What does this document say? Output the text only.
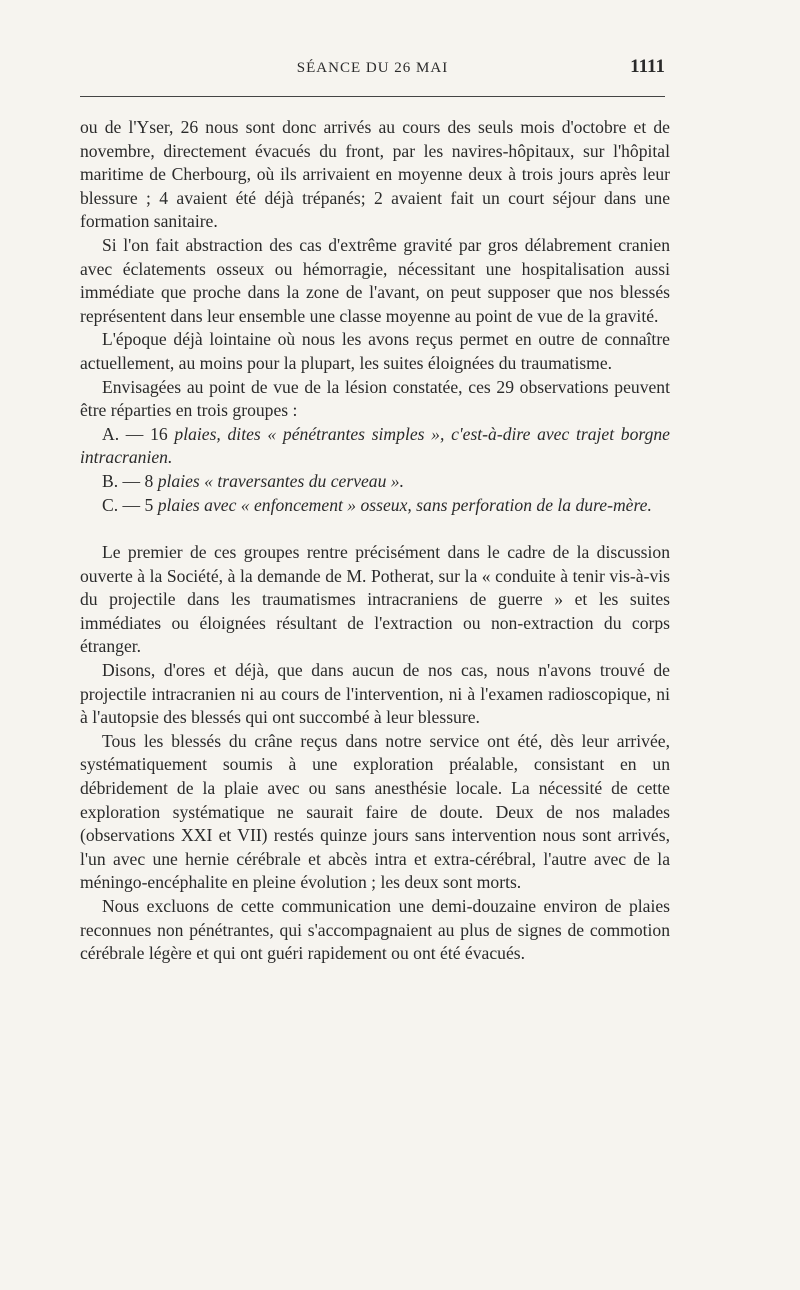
SÉANCE DU 26 MAI	1111

ou de l'Yser, 26 nous sont donc arrivés au cours des seuls mois d'octobre et de novembre, directement évacués du front, par les navires-hôpitaux, sur l'hôpital maritime de Cherbourg, où ils arrivaient en moyenne deux à trois jours après leur blessure ; 4 avaient été déjà trépanés; 2 avaient fait un court séjour dans une formation sanitaire.

Si l'on fait abstraction des cas d'extrême gravité par gros délabrement cranien avec éclatements osseux ou hémorragie, nécessitant une hospitalisation aussi immédiate que proche dans la zone de l'avant, on peut supposer que nos blessés représentent dans leur ensemble une classe moyenne au point de vue de la gravité.

L'époque déjà lointaine où nous les avons reçus permet en outre de connaître actuellement, au moins pour la plupart, les suites éloignées du traumatisme.

Envisagées au point de vue de la lésion constatée, ces 29 observations peuvent être réparties en trois groupes :

A. — 16 plaies, dites « pénétrantes simples », c'est-à-dire avec trajet borgne intracranien.

B. — 8 plaies « traversantes du cerveau ».

C. — 5 plaies avec « enfoncement » osseux, sans perforation de la dure-mère.

Le premier de ces groupes rentre précisément dans le cadre de la discussion ouverte à la Société, à la demande de M. Potherat, sur la « conduite à tenir vis-à-vis du projectile dans les traumatismes intracraniens de guerre » et les suites immédiates ou éloignées résultant de l'extraction ou non-extraction du corps étranger.

Disons, d'ores et déjà, que dans aucun de nos cas, nous n'avons trouvé de projectile intracranien ni au cours de l'intervention, ni à l'examen radioscopique, ni à l'autopsie des blessés qui ont succombé à leur blessure.

Tous les blessés du crâne reçus dans notre service ont été, dès leur arrivée, systématiquement soumis à une exploration préalable, consistant en un débridement de la plaie avec ou sans anesthésie locale. La nécessité de cette exploration systématique ne saurait faire de doute. Deux de nos malades (observations XXI et VII) restés quinze jours sans intervention nous sont arrivés, l'un avec une hernie cérébrale et abcès intra et extra-cérébral, l'autre avec de la méningo-encéphalite en pleine évolution ; les deux sont morts.

Nous excluons de cette communication une demi-douzaine environ de plaies reconnues non pénétrantes, qui s'accompagnaient au plus de signes de commotion cérébrale légère et qui ont guéri rapidement ou ont été évacués.
